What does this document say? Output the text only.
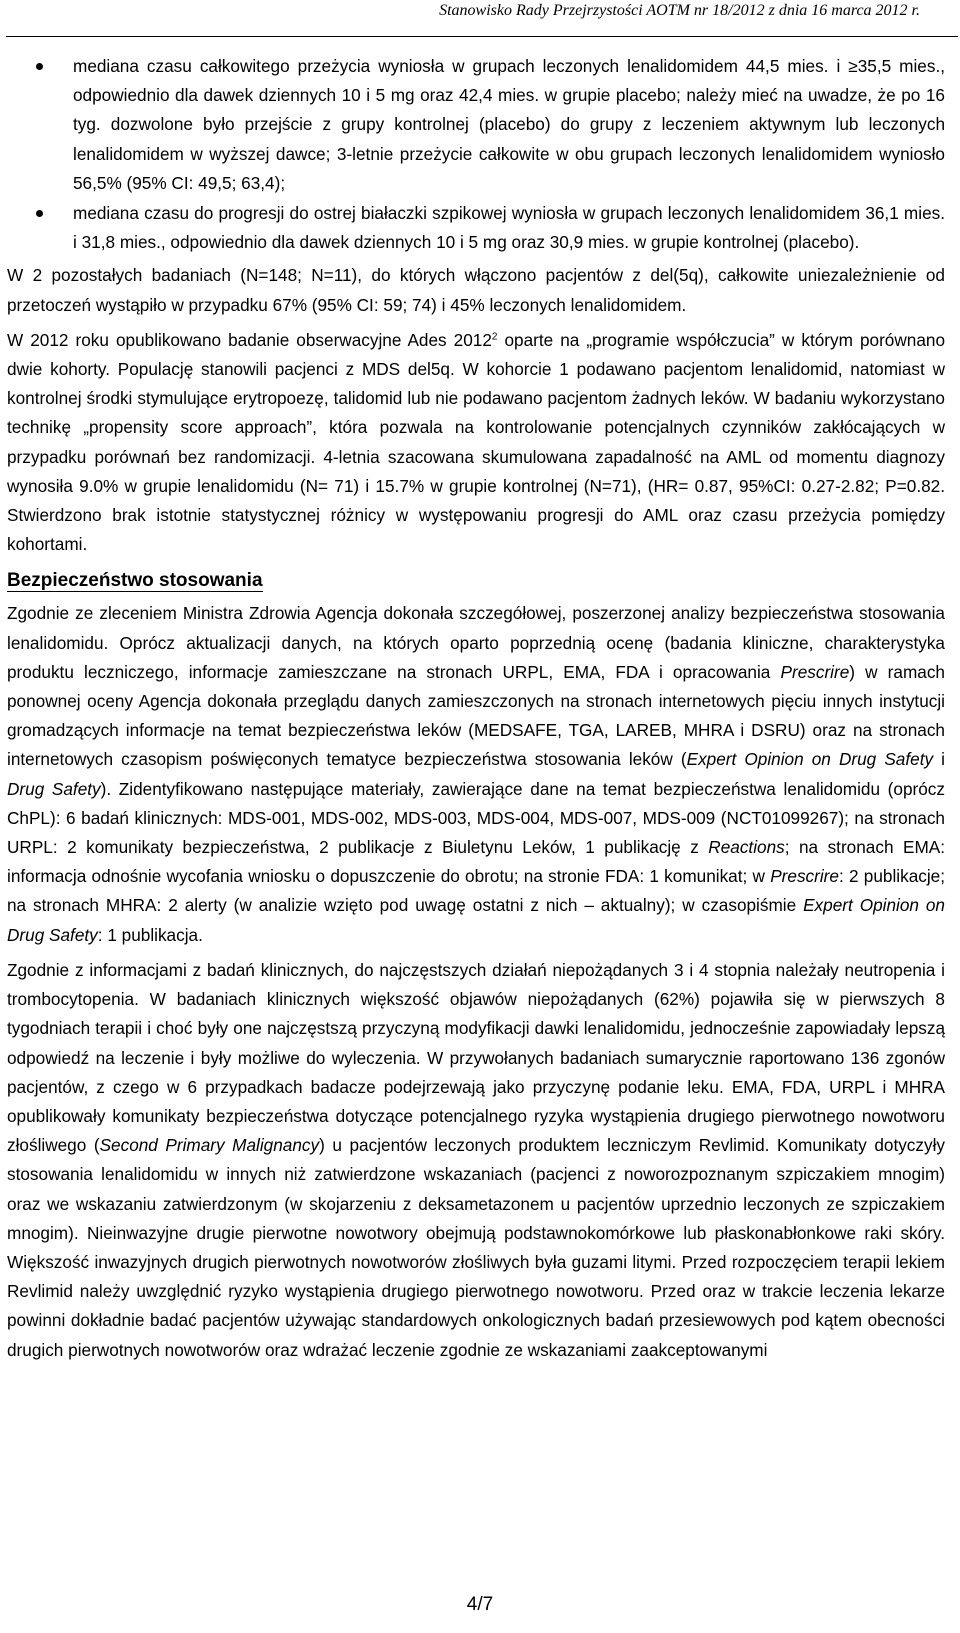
Stanowisko Rady Przejrzystości AOTM nr 18/2012 z dnia 16 marca 2012 r.
mediana czasu całkowitego przeżycia wyniosła w grupach leczonych lenalidomidem 44,5 mies. i ≥35,5 mies., odpowiednio dla dawek dziennych 10 i 5 mg oraz 42,4 mies. w grupie placebo; należy mieć na uwadze, że po 16 tyg. dozwolone było przejście z grupy kontrolnej (placebo) do grupy z leczeniem aktywnym lub leczonych lenalidomidem w wyższej dawce; 3-letnie przeżycie całkowite w obu grupach leczonych lenalidomidem wyniosło 56,5% (95% CI: 49,5; 63,4);
mediana czasu do progresji do ostrej białaczki szpikowej wyniosła w grupach leczonych lenalidomidem 36,1 mies. i 31,8 mies., odpowiednio dla dawek dziennych 10 i 5 mg oraz 30,9 mies. w grupie kontrolnej (placebo).

W 2 pozostałych badaniach (N=148; N=11), do których włączono pacjentów z del(5q), całkowite uniezależnienie od przetoczeń wystąpiło w przypadku 67% (95% CI: 59; 74) i 45% leczonych lenalidomidem.

W 2012 roku opublikowano badanie obserwacyjne Ades 2012$^2$ oparte na „programie współczucia” w którym porównano dwie kohorty. Populację stanowili pacjenci z MDS del5q. W kohorcie 1 podawano pacjentom lenalidomid, natomiast w kontrolnej środki stymulujące erytropoezę, talidomid lub nie podawano pacjentom żadnych leków. W badaniu wykorzystano technikę „propensity score approach”, która pozwala na kontrolowanie potencjalnych czynników zakłócających w przypadku porównań bez randomizacji. 4-letnia szacowana skumulowana zapadalność na AML od momentu diagnozy wynosiła 9.0% w grupie lenalidomidu (N= 71) i 15.7% w grupie kontrolnej (N=71), (HR= 0.87, 95%CI: 0.27-2.82; P=0.82. Stwierdzono brak istotnie statystycznej różnicy w występowaniu progresji do AML oraz czasu przeżycia pomiędzy kohortami.

Bezpieczeństwo stosowania

Zgodnie ze zleceniem Ministra Zdrowia Agencja dokonała szczegółowej, poszerzonej analizy bezpieczeństwa stosowania lenalidomidu. Oprócz aktualizacji danych, na których oparto poprzednią ocenę (badania kliniczne, charakterystyka produktu leczniczego, informacje zamieszczane na stronach URPL, EMA, FDA i opracowania Prescrire) w ramach ponownej oceny Agencja dokonała przeglądu danych zamieszczonych na stronach internetowych pięciu innych instytucji gromadzących informacje na temat bezpieczeństwa leków (MEDSAFE, TGA, LAREB, MHRA i DSRU) oraz na stronach internetowych czasopism poświęconych tematyce bezpieczeństwa stosowania leków (Expert Opinion on Drug Safety i Drug Safety). Zidentyfikowano następujące materiały, zawierające dane na temat bezpieczeństwa lenalidomidu (oprócz ChPL): 6 badań klinicznych: MDS-001, MDS-002, MDS-003, MDS-004, MDS-007, MDS-009 (NCT01099267); na stronach URPL: 2 komunikaty bezpieczeństwa, 2 publikacje z Biuletynu Leków, 1 publikację z Reactions; na stronach EMA: informacja odnośnie wycofania wniosku o dopuszczenie do obrotu; na stronie FDA: 1 komunikat; w Prescrire: 2 publikacje; na stronach MHRA: 2 alerty (w analizie wzięto pod uwagę ostatni z nich – aktualny); w czasopiśmie Expert Opinion on Drug Safety: 1 publikacja.

Zgodnie z informacjami z badań klinicznych, do najczęstszych działań niepożądanych 3 i 4 stopnia należały neutropenia i trombocytopenia. W badaniach klinicznych większość objawów niepożądanych (62%) pojawiła się w pierwszych 8 tygodniach terapii i choć były one najczęstszą przyczyną modyfikacji dawki lenalidomidu, jednocześnie zapowiadały lepszą odpowiedź na leczenie i były możliwe do wyleczenia. W przywołanych badaniach sumarycznie raportowano 136 zgonów pacjentów, z czego w 6 przypadkach badacze podejrzewają jako przyczynę podanie leku. EMA, FDA, URPL i MHRA opublikowały komunikaty bezpieczeństwa dotyczące potencjalnego ryzyka wystąpienia drugiego pierwotnego nowotworu złośliwego (Second Primary Malignancy) u pacjentów leczonych produktem leczniczym Revlimid. Komunikaty dotyczyły stosowania lenalidomidu w innych niż zatwierdzone wskazaniach (pacjenci z noworozpoznanym szpiczakiem mnogim) oraz we wskazaniu zatwierdzonym (w skojarzeniu z deksametazonem u pacjentów uprzednio leczonych ze szpiczakiem mnogim). Nieinwazyjne drugie pierwotne nowotwory obejmują podstawnokomórkowe lub płaskonabłonkowe raki skóry. Większość inwazyjnych drugich pierwotnych nowotworów złośliwych była guzami litymi. Przed rozpoczęciem terapii lekiem Revlimid należy uwzględnić ryzyko wystąpienia drugiego pierwotnego nowotworu. Przed oraz w trakcie leczenia lekarze powinni dokładnie badać pacjentów używając standardowych onkologicznych badań przesiewowych pod kątem obecności drugich pierwotnych nowotworów oraz wdrażać leczenie zgodnie ze wskazaniami zaakceptowanymi

4/7
